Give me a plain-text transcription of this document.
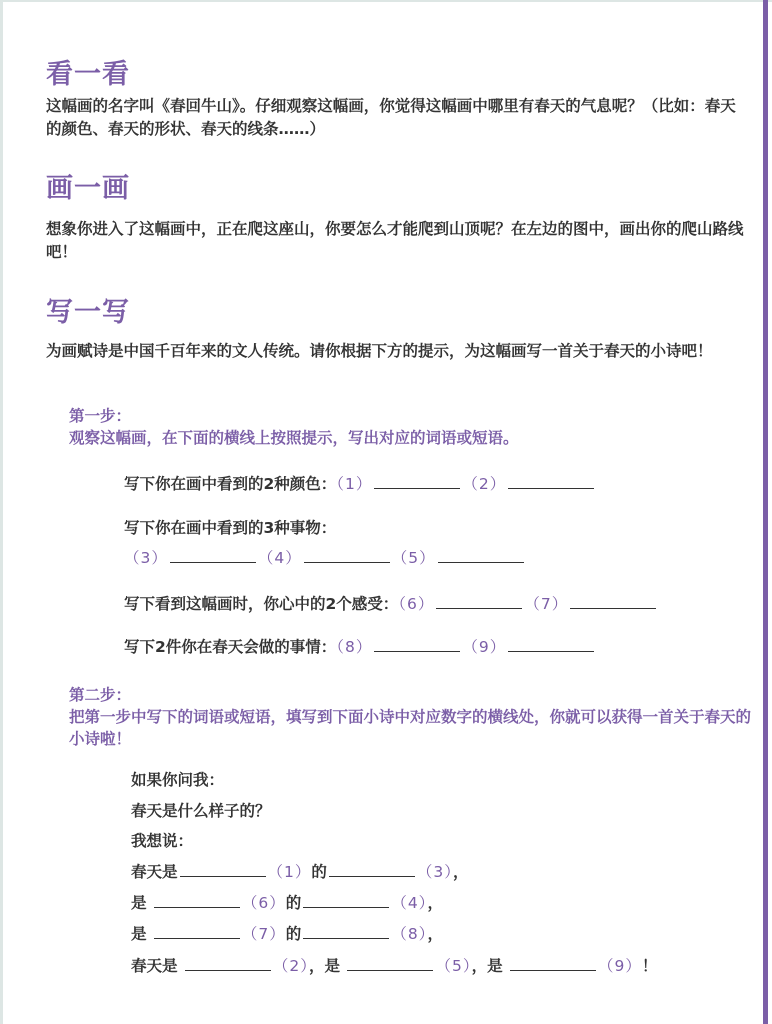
看一看

这幅画的名字叫《春回牛山》。仔细观察这幅画，你觉得这幅画中哪里有春天的气息呢？（比如：春天的颜色、春天的形状、春天的线条……）

画一画

想象你进入了这幅画中，正在爬这座山，你要怎么才能爬到山顶呢？在左边的图中，画出你的爬山路线吧！

写一写

为画赋诗是中国千百年来的文人传统。请你根据下方的提示，为这幅画写一首关于春天的小诗吧！

第一步：
观察这幅画，在下面的横线上按照提示，写出对应的词语或短语。
写下你在画中看到的2种颜色：（1）	（2）
写下你在画中看到的3种事物：
（3）	（4）	（5）
写下看到这幅画时，你心中的2个感受：（6）	（7）
写下2件你在春天会做的事情：（8）	（9）
第二步：
把第一步中写下的词语或短语，填写到下面小诗中对应数字的横线处，你就可以获得一首关于春天的小诗啦！
如果你问我：
春天是什么样子的？
我想说：
春天是	（1）的	（3），
是	（6）的	（4），
是	（7）的	（8），
春天是	（2），是	（5），是	（9）！
